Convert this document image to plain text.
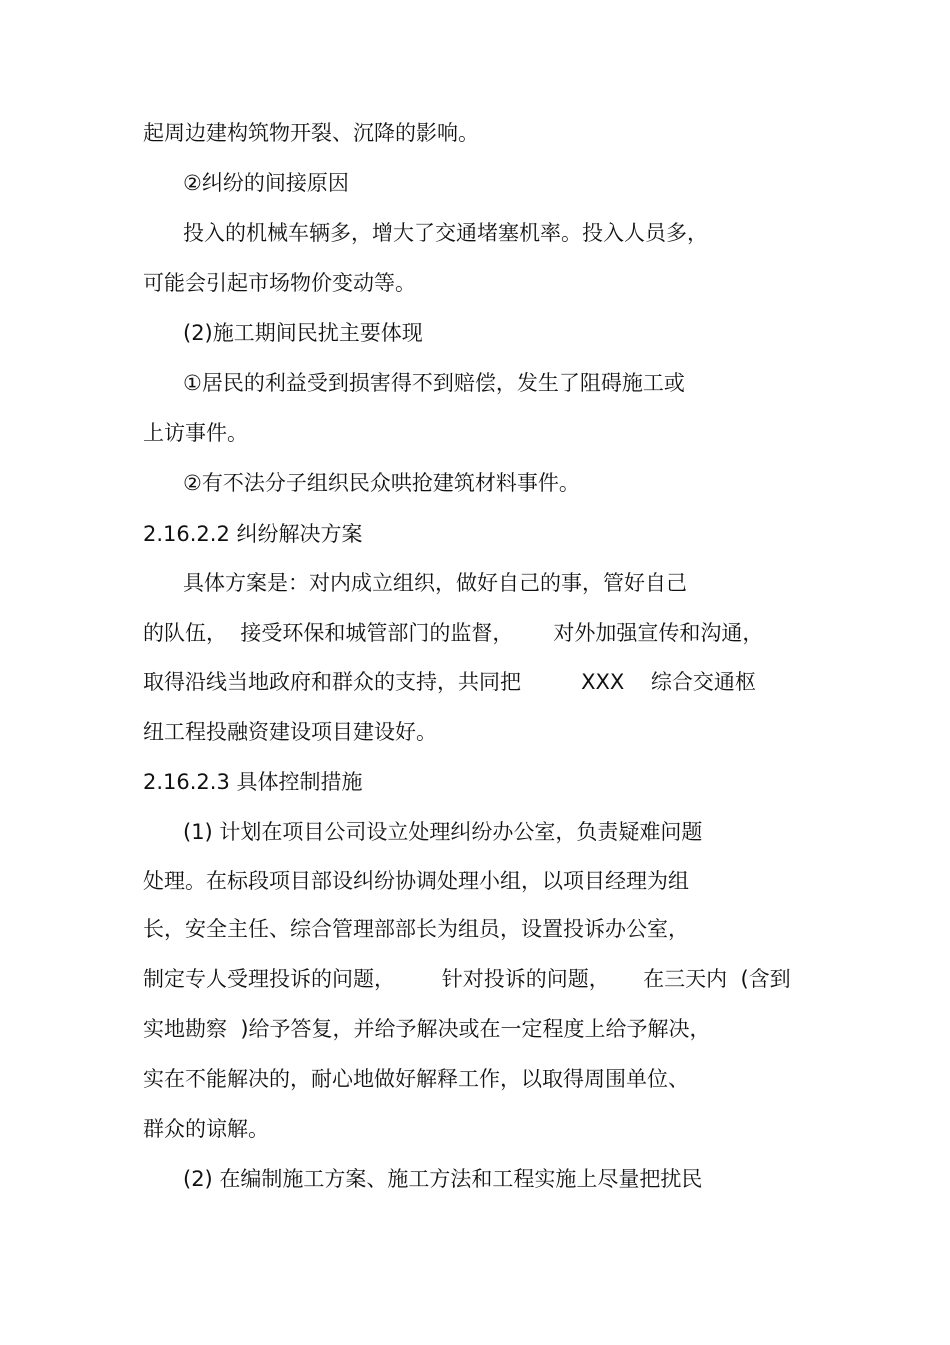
起周边建构筑物开裂、沉降的影响。
②纠纷的间接原因
投入的机械车辆多，增大了交通堵塞机率。投入人员多，
可能会引起市场物价变动等。
(2)施工期间民扰主要体现
①居民的利益受到损害得不到赔偿，发生了阻碍施工或
上访事件。
②有不法分子组织民众哄抢建筑材料事件。
2.16.2.2 纠纷解决方案
具体方案是：对内成立组织，做好自己的事，管好自己
的队伍，  接受环保和城管部门的监督，      对外加强宣传和沟通，
取得沿线当地政府和群众的支持，共同把         XXX    综合交通枢
纽工程投融资建设项目建设好。
2.16.2.3 具体控制措施
(1) 计划在项目公司设立处理纠纷办公室，负责疑难问题
处理。在标段项目部设纠纷协调处理小组，以项目经理为组
长，安全主任、综合管理部部长为组员，设置投诉办公室，
制定专人受理投诉的问题，       针对投诉的问题，     在三天内  (含到
实地勘察  )给予答复，并给予解决或在一定程度上给予解决，
实在不能解决的，耐心地做好解释工作，以取得周围单位、
群众的谅解。
(2) 在编制施工方案、施工方法和工程实施上尽量把扰民
